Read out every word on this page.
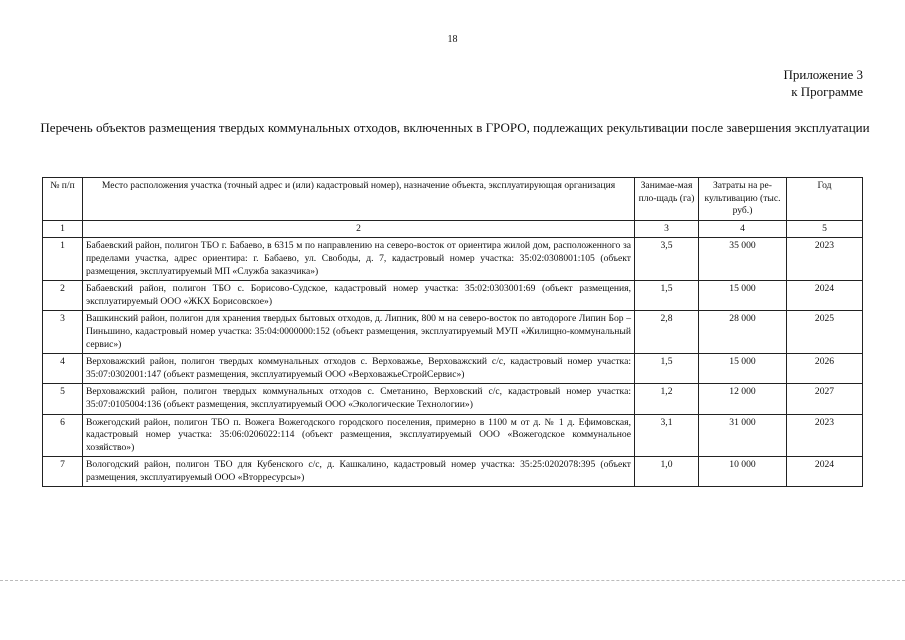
18
Приложение 3
к Программе
Перечень объектов размещения твердых коммунальных отходов, включенных в ГРОРО, подлежащих рекультивации после завершения эксплуатации
№ п/п	Место расположения участка (точный адрес и (или) кадастровый номер), назначение объекта, эксплуатирующая организация	Занимае-мая пло-щадь (га)	Затраты на ре-культивацию (тыс. руб.)	Год
1	2	3	4	5
1	Бабаевский район, полигон ТБО г. Бабаево, в 6315 м по направлению на северо-восток от ориентира жилой дом, расположенного за пределами участка, адрес ориентира: г. Бабаево, ул. Свободы, д. 7, кадастровый номер участка: 35:02:0308001:105 (объект размещения, эксплуатируемый МП «Служба заказчика»)	3,5	35 000	2023
2	Бабаевский район, полигон ТБО с. Борисово-Судское, кадастровый номер участка: 35:02:0303001:69 (объект размещения, эксплуатируемый ООО «ЖКХ Борисовское»)	1,5	15 000	2024
3	Вашкинский район, полигон для хранения твердых бытовых отходов, д. Липник, 800 м на северо-восток по автодороге Липин Бор – Пиньшино, кадастровый номер участка: 35:04:0000000:152 (объект размещения, эксплуатируемый МУП «Жилищно-коммунальный сервис»)	2,8	28 000	2025
4	Верховажский район, полигон твердых коммунальных отходов с. Верховажье, Верховажский с/с, кадастровый номер участка: 35:07:0302001:147 (объект размещения, эксплуатируемый ООО «ВерховажьеСтройСервис»)	1,5	15 000	2026
5	Верховажский район, полигон твердых коммунальных отходов с. Сметанино, Верховский с/с, кадастровый номер участка: 35:07:0105004:136 (объект размещения, эксплуатируемый ООО «Экологические Технологии»)	1,2	12 000	2027
6	Вожегодский район, полигон ТБО п. Вожега Вожегодского городского поселения, примерно в 1100 м от д. № 1 д. Ефимовская, кадастровый номер участка: 35:06:0206022:114 (объект размещения, эксплуатируемый ООО «Вожегодское коммунальное хозяйство»)	3,1	31 000	2023
7	Вологодский район, полигон ТБО для Кубенского с/с, д. Кашкалино, кадастровый номер участка: 35:25:0202078:395 (объект размещения, эксплуатируемый ООО «Вторресурсы»)	1,0	10 000	2024
